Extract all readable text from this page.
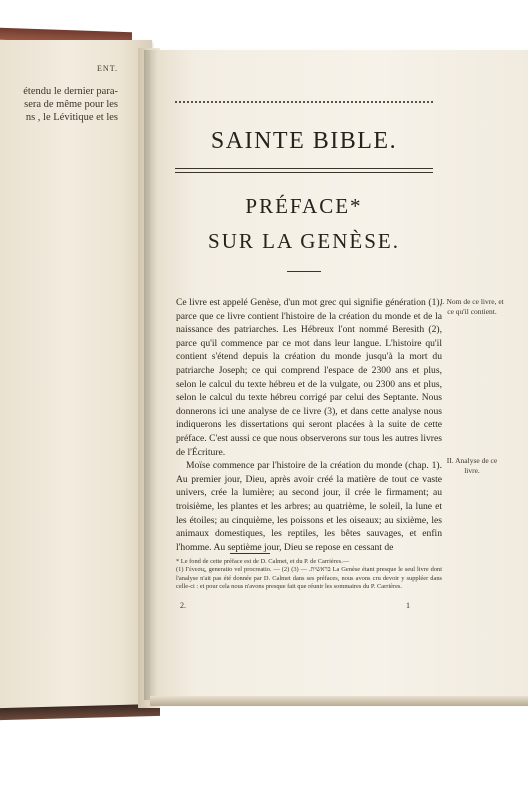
ENT.
étendu le dernier para-
sera de même pour les
ns , le Lévitique et les
SAINTE BIBLE.
PRÉFACE*
SUR LA GENÈSE.

Ce livre est appelé Genèse, d'un mot grec qui signifie génération (1), parce que ce livre contient l'histoire de la création du monde et de la naissance des patriarches. Les Hébreux l'ont nommé Beresith (2), parce qu'il commence par ce mot dans leur langue. L'histoire qu'il contient s'étend depuis la création du monde jusqu'à la mort du patriarche Joseph; ce qui comprend l'espace de 2300 ans et plus, selon le calcul du texte hébreu et de la vulgate, ou 2300 ans et plus, selon le calcul du texte hébreu corrigé par celui des Septante. Nous donnerons ici une analyse de ce livre (3), et dans cette analyse nous indiquerons les dissertations qui seront placées à la suite de cette préface. C'est aussi ce que nous observerons sur tous les autres livres de l'Écriture.

Moïse commence par l'histoire de la création du monde (chap. 1). Au premier jour, Dieu, après avoir créé la matière de tout ce vaste univers, crée la lumière; au second jour, il crée le firmament; au troisième, les plantes et les arbres; au quatrième, le soleil, la lune et les étoiles; au cinquième, les poissons et les oiseaux; au sixième, les animaux domestiques, les reptiles, les bêtes sauvages, et enfin l'homme. Au septième jour, Dieu se repose en cessant de

I. Nom de ce livre, et ce qu'il contient.
II. Analyse de ce livre.
* Le fond de cette préface est de D. Calmet, et du P. de Carrières.—
(1) Γένεσις, generatio vel procreatio. — (2) בראשית. — (3) La Genèse étant presque le seul livre dont l'analyse n'ait pas été donnée par D. Calmet dans ses préfaces, nous avons cru devoir y suppléer dans celle-ci : et pour cela nous n'avons presque fait que réunir les sommaires du P. Carrières.
2.	1
